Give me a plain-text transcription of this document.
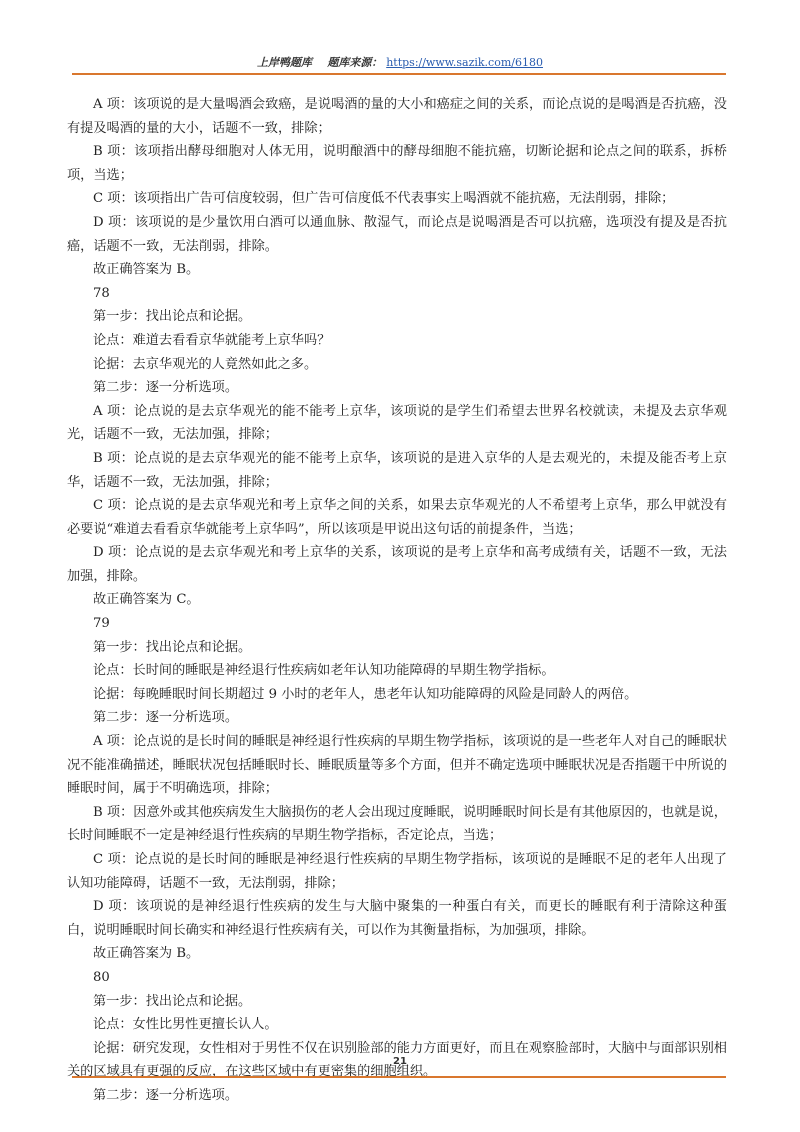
上岸鸭题库 题库来源： https://www.sazik.com/6180

A 项：该项说的是大量喝酒会致癌，是说喝酒的量的大小和癌症之间的关系，而论点说的是喝酒是否抗癌，没有提及喝酒的量的大小，话题不一致，排除；

B 项：该项指出酵母细胞对人体无用，说明酿酒中的酵母细胞不能抗癌，切断论据和论点之间的联系，拆桥项，当选；

C 项：该项指出广告可信度较弱，但广告可信度低不代表事实上喝酒就不能抗癌，无法削弱，排除；

D 项：该项说的是少量饮用白酒可以通血脉、散湿气，而论点是说喝酒是否可以抗癌，选项没有提及是否抗癌，话题不一致，无法削弱，排除。

故正确答案为 B。

78

第一步：找出论点和论据。

论点：难道去看看京华就能考上京华吗？

论据：去京华观光的人竟然如此之多。

第二步：逐一分析选项。

A 项：论点说的是去京华观光的能不能考上京华，该项说的是学生们希望去世界名校就读，未提及去京华观光，话题不一致，无法加强，排除；

B 项：论点说的是去京华观光的能不能考上京华，该项说的是进入京华的人是去观光的，未提及能否考上京华，话题不一致，无法加强，排除；

C 项：论点说的是去京华观光和考上京华之间的关系，如果去京华观光的人不希望考上京华，那么甲就没有必要说“难道去看看京华就能考上京华吗”，所以该项是甲说出这句话的前提条件，当选；

D 项：论点说的是去京华观光和考上京华的关系，该项说的是考上京华和高考成绩有关，话题不一致，无法加强，排除。

故正确答案为 C。

79

第一步：找出论点和论据。

论点：长时间的睡眠是神经退行性疾病如老年认知功能障碍的早期生物学指标。

论据：每晚睡眠时间长期超过 9 小时的老年人，患老年认知功能障碍的风险是同龄人的两倍。

第二步：逐一分析选项。

A 项：论点说的是长时间的睡眠是神经退行性疾病的早期生物学指标，该项说的是一些老年人对自己的睡眠状况不能准确描述，睡眠状况包括睡眠时长、睡眠质量等多个方面，但并不确定选项中睡眠状况是否指题干中所说的睡眠时间，属于不明确选项，排除；

B 项：因意外或其他疾病发生大脑损伤的老人会出现过度睡眠，说明睡眠时间长是有其他原因的，也就是说，长时间睡眠不一定是神经退行性疾病的早期生物学指标，否定论点，当选；

C 项：论点说的是长时间的睡眠是神经退行性疾病的早期生物学指标，该项说的是睡眠不足的老年人出现了认知功能障碍，话题不一致，无法削弱，排除；

D 项：该项说的是神经退行性疾病的发生与大脑中聚集的一种蛋白有关，而更长的睡眠有利于清除这种蛋白，说明睡眠时间长确实和神经退行性疾病有关，可以作为其衡量指标，为加强项，排除。

故正确答案为 B。

80

第一步：找出论点和论据。

论点：女性比男性更擅长认人。

论据：研究发现，女性相对于男性不仅在识别脸部的能力方面更好，而且在观察脸部时，大脑中与面部识别相关的区域具有更强的反应，在这些区域中有更密集的细胞组织。

第二步：逐一分析选项。

21
